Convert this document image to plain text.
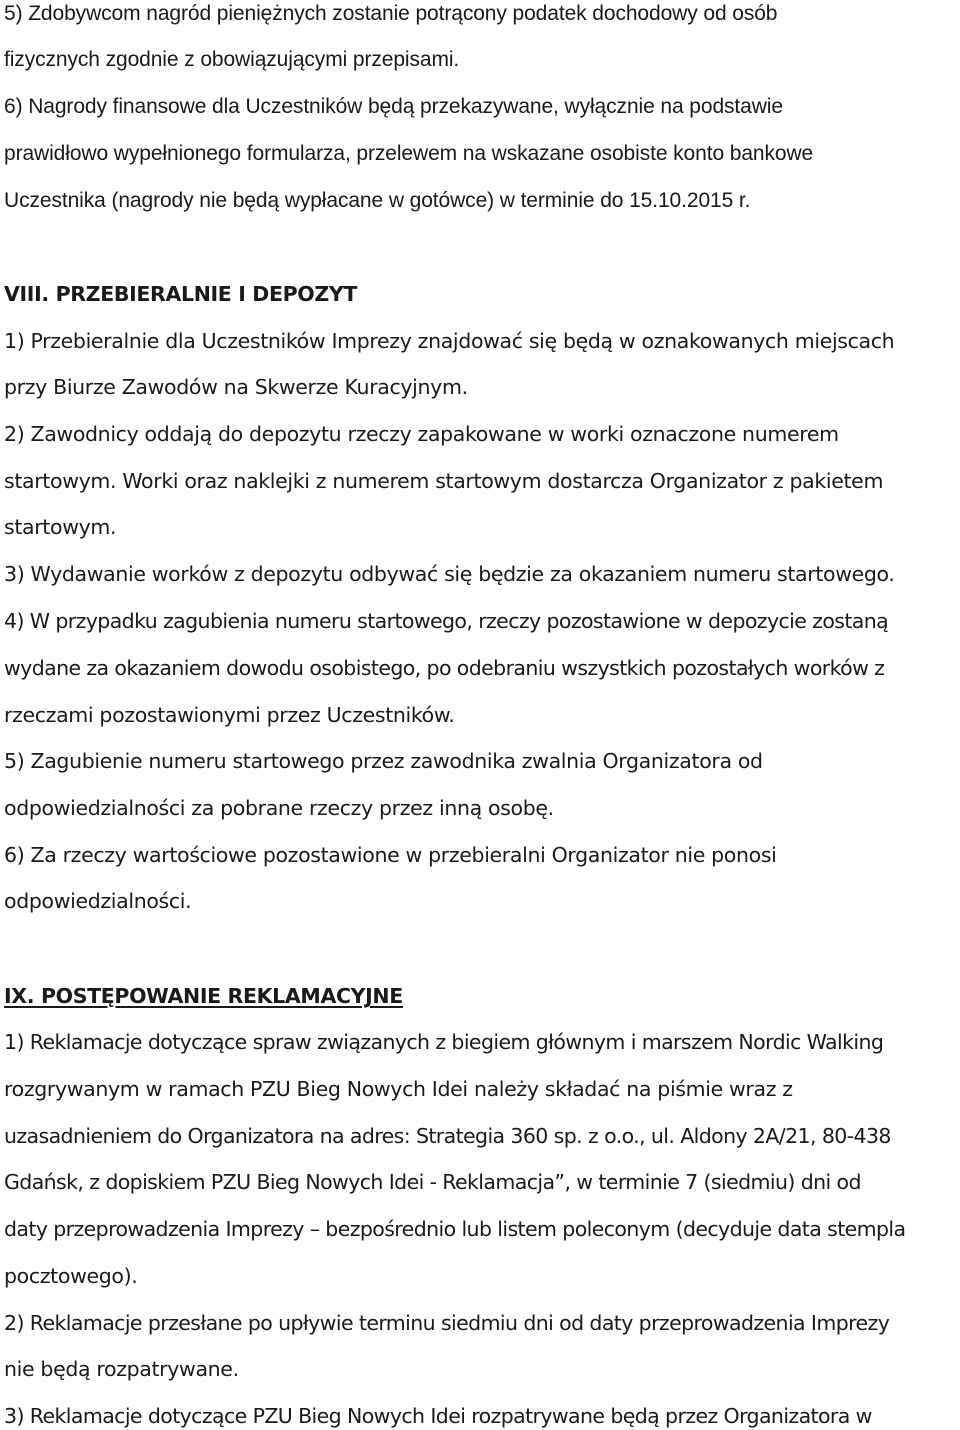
5) Zdobywcom nagród pieniężnych zostanie potrącony podatek dochodowy od osób
fizycznych zgodnie z obowiązującymi przepisami.
6) Nagrody finansowe dla Uczestników będą przekazywane, wyłącznie na podstawie
prawidłowo wypełnionego formularza, przelewem na wskazane osobiste konto bankowe
Uczestnika (nagrody nie będą wypłacane w gotówce) w terminie do 15.10.2015 r.
VIII. PRZEBIERALNIE I DEPOZYT
1) Przebieralnie dla Uczestników Imprezy znajdować się będą w oznakowanych miejscach
przy Biurze Zawodów na Skwerze Kuracyjnym.
2) Zawodnicy oddają do depozytu rzeczy zapakowane w worki oznaczone numerem
startowym. Worki oraz naklejki z numerem startowym dostarcza Organizator z pakietem
startowym.
3) Wydawanie worków z depozytu odbywać się będzie za okazaniem numeru startowego.
4) W przypadku zagubienia numeru startowego, rzeczy pozostawione w depozycie zostaną
wydane za okazaniem dowodu osobistego, po odebraniu wszystkich pozostałych worków z
rzeczami pozostawionymi przez Uczestników.
5) Zagubienie numeru startowego przez zawodnika zwalnia Organizatora od
odpowiedzialności za pobrane rzeczy przez inną osobę.
6) Za rzeczy wartościowe pozostawione w przebieralni Organizator nie ponosi
odpowiedzialności.
IX. POSTĘPOWANIE REKLAMACYJNE
1) Reklamacje dotyczące spraw związanych z biegiem głównym i marszem Nordic Walking
rozgrywanym w ramach PZU Bieg Nowych Idei należy składać na piśmie wraz z
uzasadnieniem do Organizatora na adres: Strategia 360 sp. z o.o., ul. Aldony 2A/21, 80-438
Gdańsk, z dopiskiem PZU Bieg Nowych Idei - Reklamacja”, w terminie 7 (siedmiu) dni od
daty przeprowadzenia Imprezy – bezpośrednio lub listem poleconym (decyduje data stempla
pocztowego).
2) Reklamacje przesłane po upływie terminu siedmiu dni od daty przeprowadzenia Imprezy
nie będą rozpatrywane.
3) Reklamacje dotyczące PZU Bieg Nowych Idei rozpatrywane będą przez Organizatora w
